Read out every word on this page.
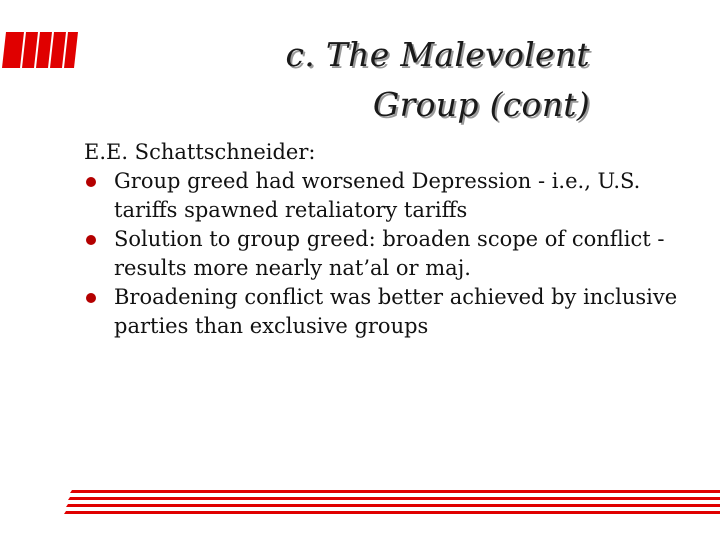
c. The Malevolent
Group (cont)

E.E. Schattschneider:

Group greed had worsened Depression - i.e., U.S. tariffs spawned retaliatory tariffs
Solution to group greed: broaden scope of conflict - results more nearly nat’al or maj.
Broadening conflict was better achieved by inclusive parties than exclusive groups
